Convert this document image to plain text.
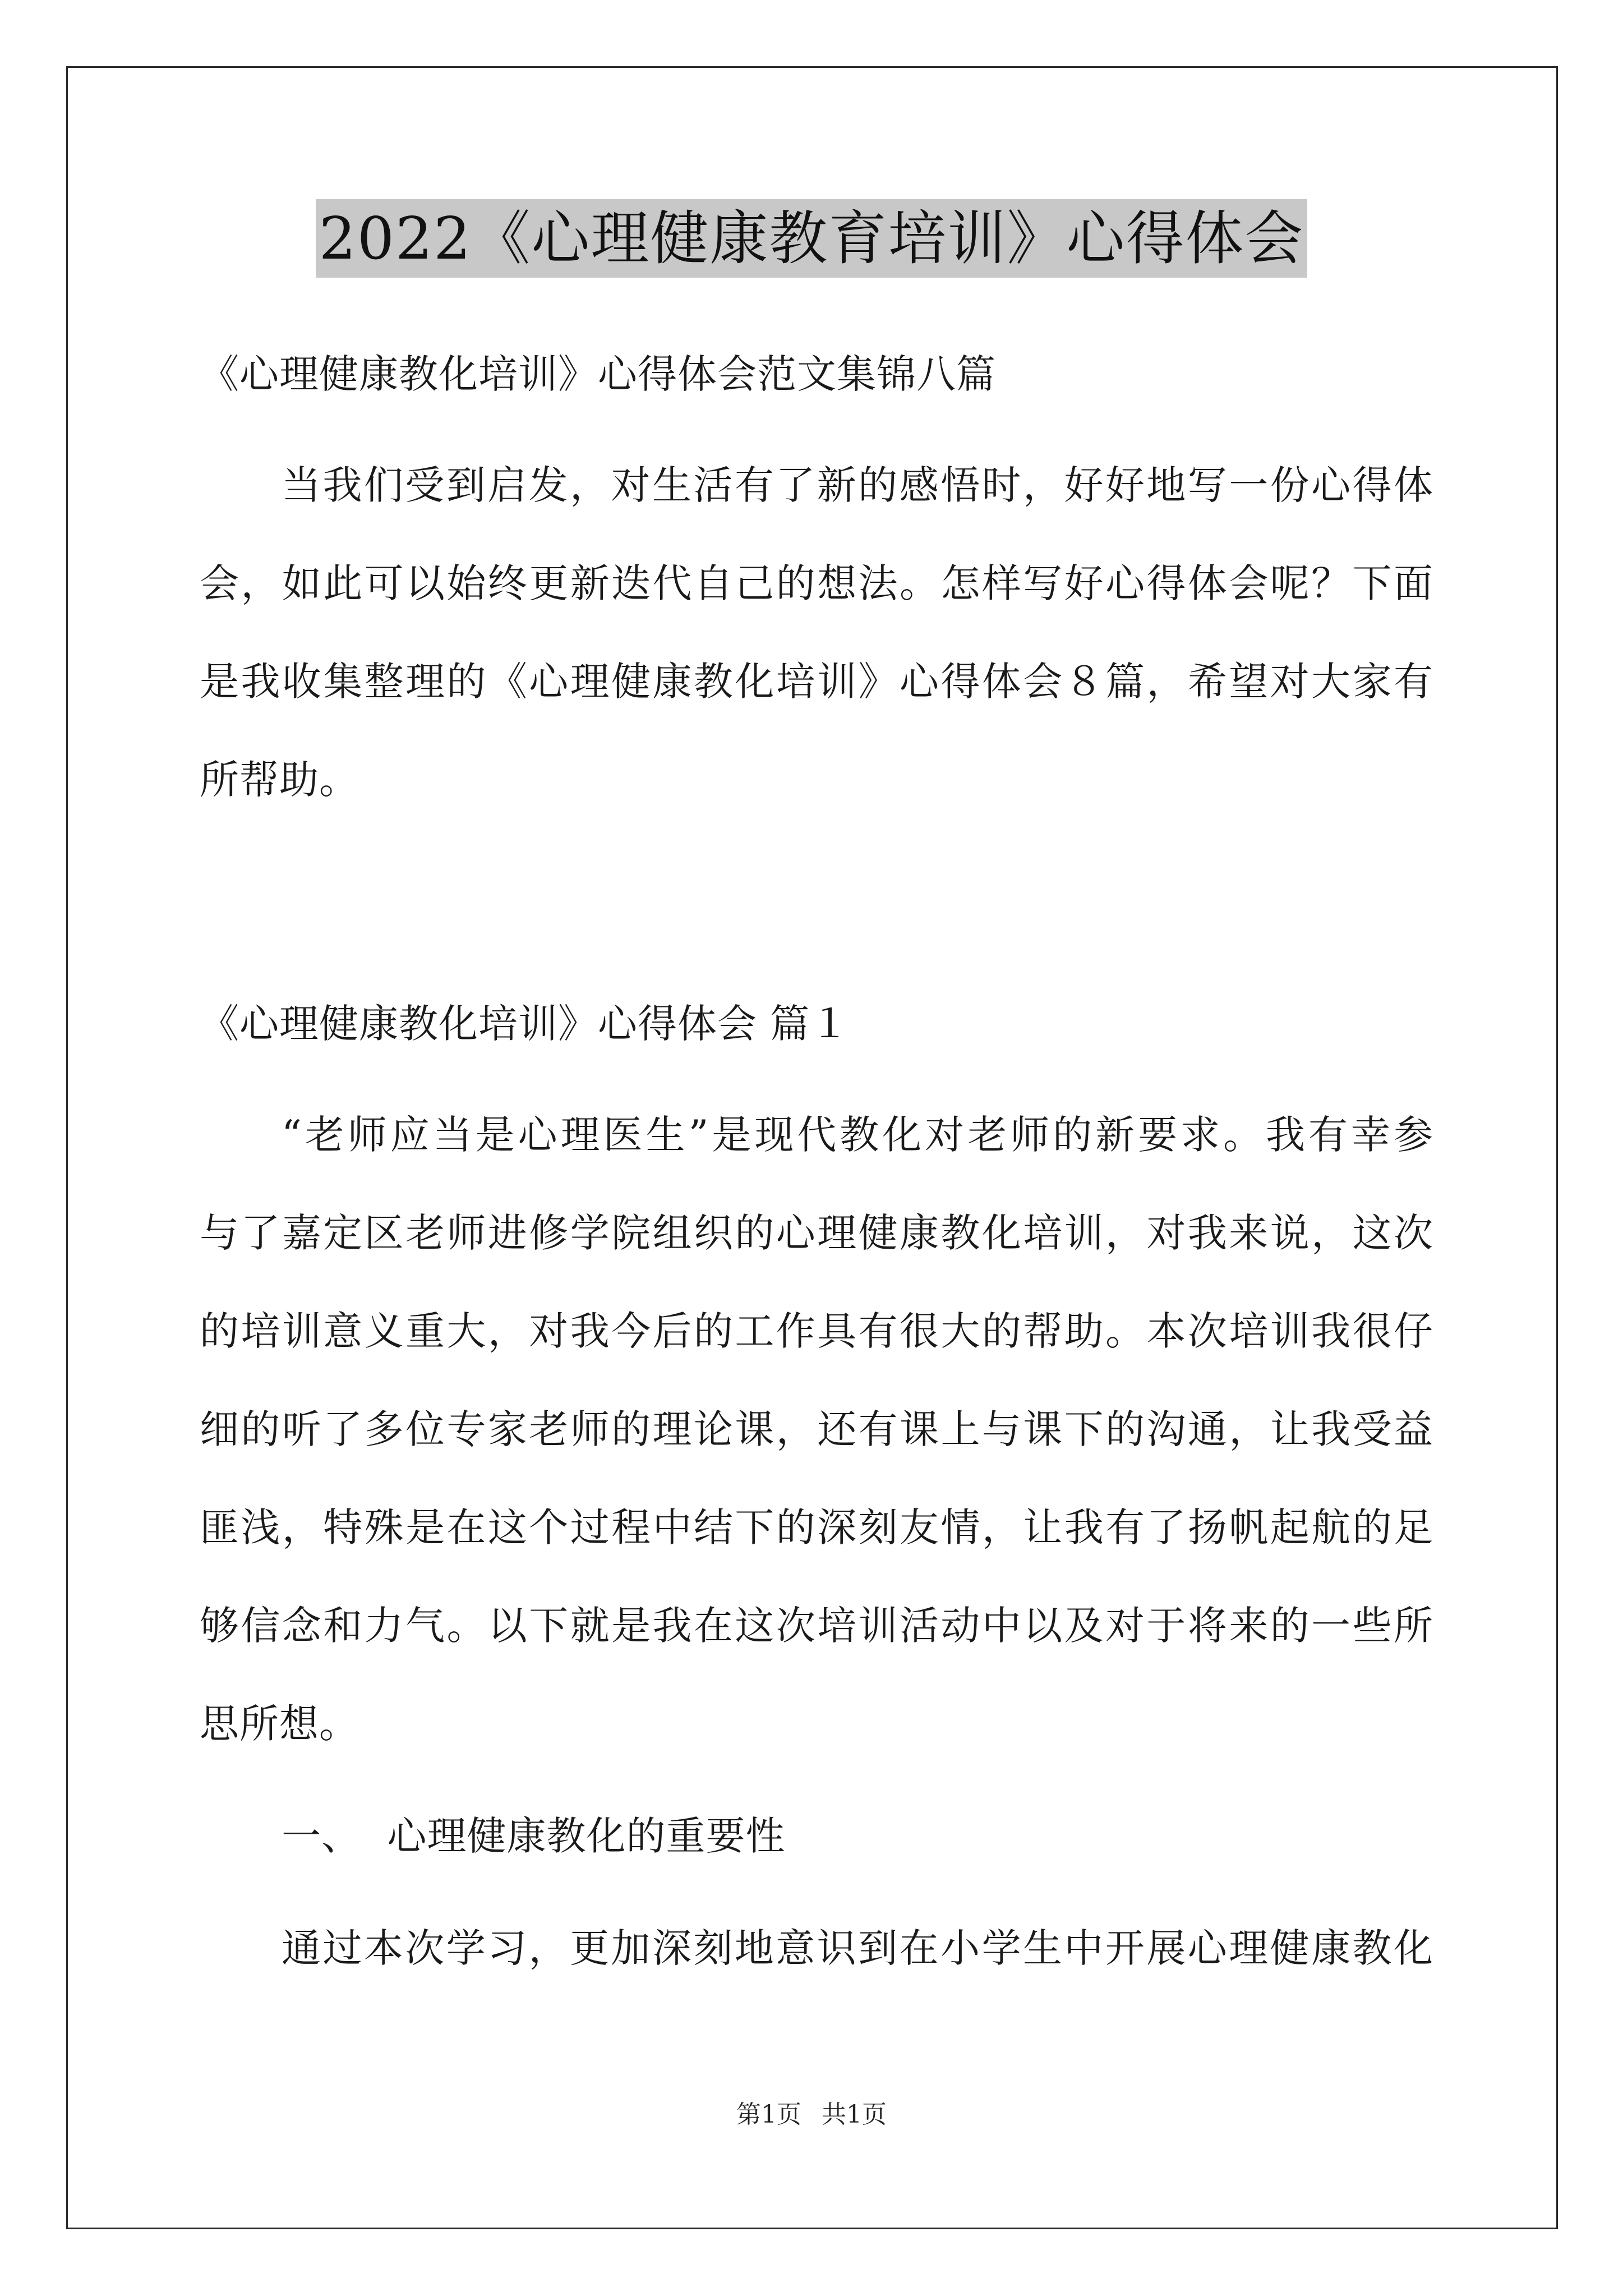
2022《心理健康教育培训》心得体会
《心理健康教化培训》心得体会范文集锦八篇
当我们受到启发，对生活有了新的感悟时，好好地写一份心得体
会，如此可以始终更新迭代自己的想法。怎样写好心得体会呢？下面
是我收集整理的《心理健康教化培训》心得体会８篇，希望对大家有
所帮助。
《心理健康教化培训》心得体会 篇１
“老师应当是心理医生”是现代教化对老师的新要求。我有幸参
与了嘉定区老师进修学院组织的心理健康教化培训，对我来说，这次
的培训意义重大，对我今后的工作具有很大的帮助。本次培训我很仔
细的听了多位专家老师的理论课，还有课上与课下的沟通，让我受益
匪浅，特殊是在这个过程中结下的深刻友情，让我有了扬帆起航的足
够信念和力气。以下就是我在这次培训活动中以及对于将来的一些所
思所想。
一、  心理健康教化的重要性
通过本次学习，更加深刻地意识到在小学生中开展心理健康教化
第1页 共1页
